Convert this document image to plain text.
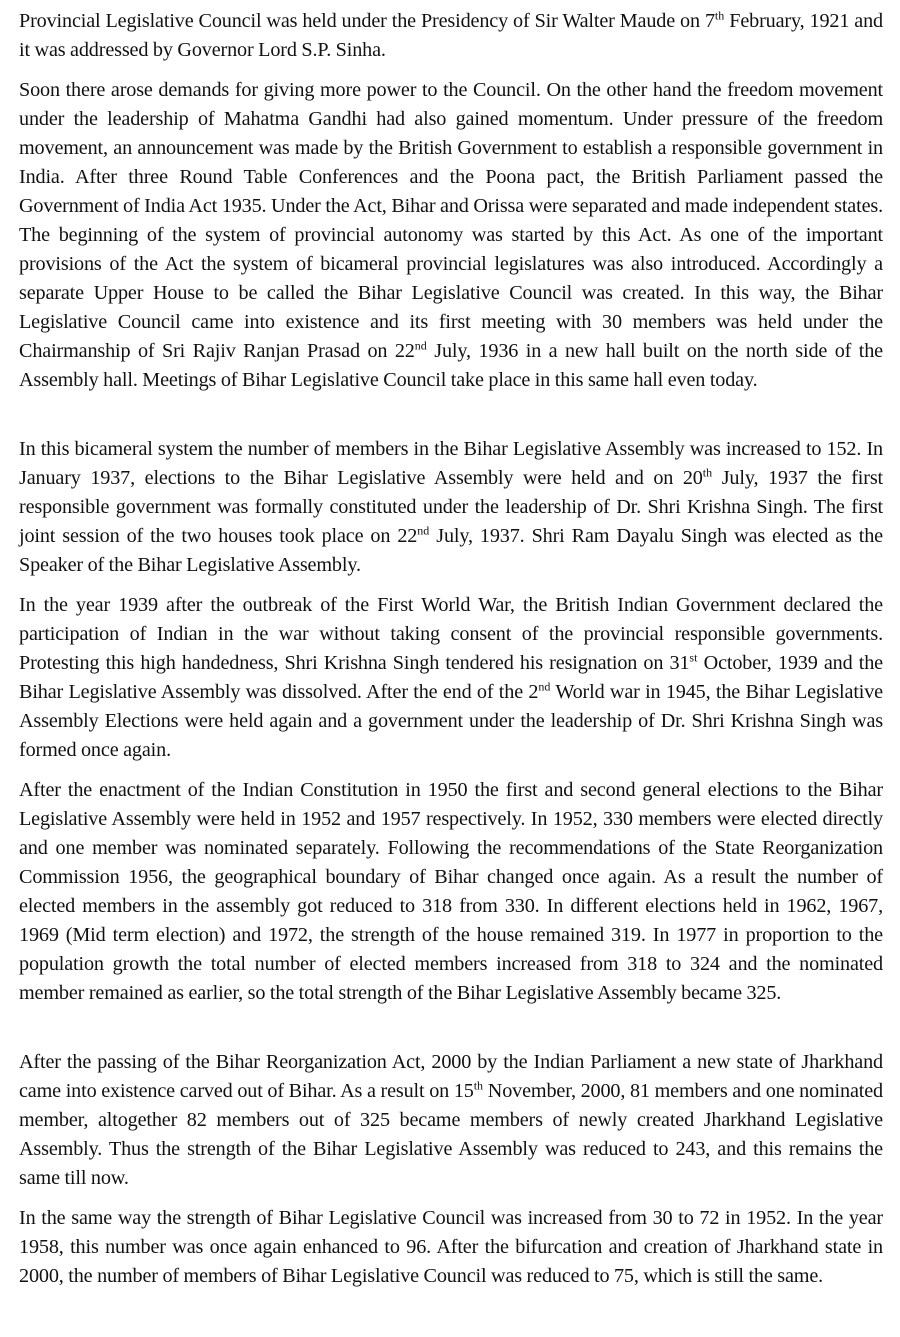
Provincial Legislative Council was held under the Presidency of Sir Walter Maude on 7th February, 1921 and it was addressed by Governor Lord S.P. Sinha.

Soon there arose demands for giving more power to the Council. On the other hand the freedom movement under the leadership of Mahatma Gandhi had also gained momentum. Under pressure of the freedom movement, an announcement was made by the British Government to establish a responsible government in India. After three Round Table Conferences and the Poona pact, the British Parliament passed the Government of India Act 1935. Under the Act, Bihar and Orissa were separated and made independent states. The beginning of the system of provincial autonomy was started by this Act. As one of the important provisions of the Act the system of bicameral provincial legislatures was also introduced. Accordingly a separate Upper House to be called the Bihar Legislative Council was created. In this way, the Bihar Legislative Council came into existence and its first meeting with 30 members was held under the Chairmanship of Sri Rajiv Ranjan Prasad on 22nd July, 1936 in a new hall built on the north side of the Assembly hall. Meetings of Bihar Legislative Council take place in this same hall even today.

In this bicameral system the number of members in the Bihar Legislative Assembly was increased to 152. In January 1937, elections to the Bihar Legislative Assembly were held and on 20th July, 1937 the first responsible government was formally constituted under the leadership of Dr. Shri Krishna Singh. The first joint session of the two houses took place on 22nd July, 1937. Shri Ram Dayalu Singh was elected as the Speaker of the Bihar Legislative Assembly.

In the year 1939 after the outbreak of the First World War, the British Indian Government declared the participation of Indian in the war without taking consent of the provincial responsible governments. Protesting this high handedness, Shri Krishna Singh tendered his resignation on 31st October, 1939 and the Bihar Legislative Assembly was dissolved. After the end of the 2nd World war in 1945, the Bihar Legislative Assembly Elections were held again and a government under the leadership of Dr. Shri Krishna Singh was formed once again.

After the enactment of the Indian Constitution in 1950 the first and second general elections to the Bihar Legislative Assembly were held in 1952 and 1957 respectively. In 1952, 330 members were elected directly and one member was nominated separately. Following the recommendations of the State Reorganization Commission 1956, the geographical boundary of Bihar changed once again. As a result the number of elected members in the assembly got reduced to 318 from 330. In different elections held in 1962, 1967, 1969 (Mid term election) and 1972, the strength of the house remained 319. In 1977 in proportion to the population growth the total number of elected members increased from 318 to 324 and the nominated member remained as earlier, so the total strength of the Bihar Legislative Assembly became 325.

After the passing of the Bihar Reorganization Act, 2000 by the Indian Parliament a new state of Jharkhand came into existence carved out of Bihar. As a result on 15th November, 2000, 81 members and one nominated member, altogether 82 members out of 325 became members of newly created Jharkhand Legislative Assembly. Thus the strength of the Bihar Legislative Assembly was reduced to 243, and this remains the same till now.

In the same way the strength of Bihar Legislative Council was increased from 30 to 72 in 1952. In the year 1958, this number was once again enhanced to 96. After the bifurcation and creation of Jharkhand state in 2000, the number of members of Bihar Legislative Council was reduced to 75, which is still the same.
